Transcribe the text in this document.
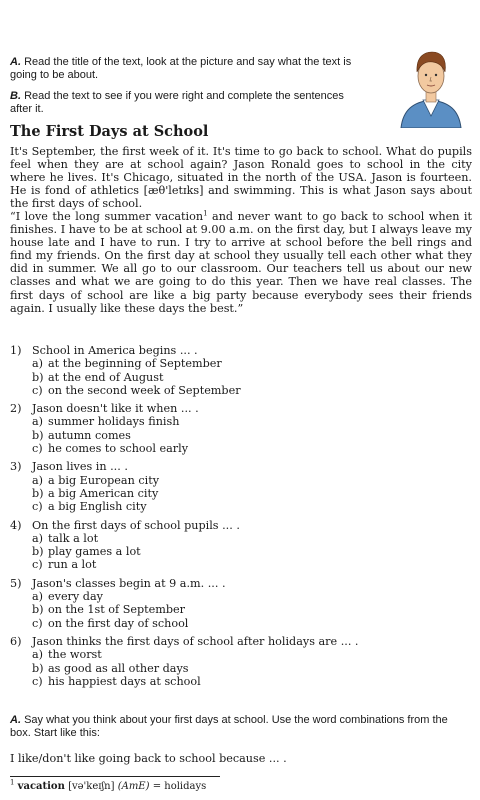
A. Read the title of the text, look at the picture and say what the text is going to be about.
B. Read the text to see if you were right and complete the sentences after it.
The First Days at School

It's September, the first week of it. It's time to go back to school. What do pupils feel when they are at school again? Jason Ronald goes to school in the city where he lives. It's Chicago, situated in the north of the USA. Jason is fourteen. He is fond of athletics [æθ'letɪks] and swimming. This is what Jason says about the first days of school.

“I love the long summer vacation$^1$ and never want to go back to school when it finishes. I have to be at school at 9.00 a.m. on the first day, but I always leave my house late and I have to run. I try to arrive at school before the bell rings and find my friends. On the first day at school they usually tell each other what they did in summer. We all go to our classroom. Our teachers tell us about our new classes and what we are going to do this year. Then we have real classes. The first days of school are like a big party because everybody sees their friends again. I usually like these days the best.”

1) School in America begins ... .
a) at the beginning of September
b) at the end of August
c) on the second week of September
2) Jason doesn't like it when ... .
a) summer holidays finish
b) autumn comes
c) he comes to school early
3) Jason lives in ... .
a) a big European city
b) a big American city
c) a big English city
4) On the first days of school pupils ... .
a) talk a lot
b) play games a lot
c) run a lot
5) Jason's classes begin at 9 a.m. ... .
a) every day
b) on the 1st of September
c) on the first day of school
6) Jason thinks the first days of school after holidays are ... .
a) the worst
b) as good as all other days
c) his happiest days at school
A. Say what you think about your first days at school. Use the word combinations from the box. Start like this:
I like/don't like going back to school because ... .
$^1$ vacation [və'keɪʃn] (AmE) = holidays
